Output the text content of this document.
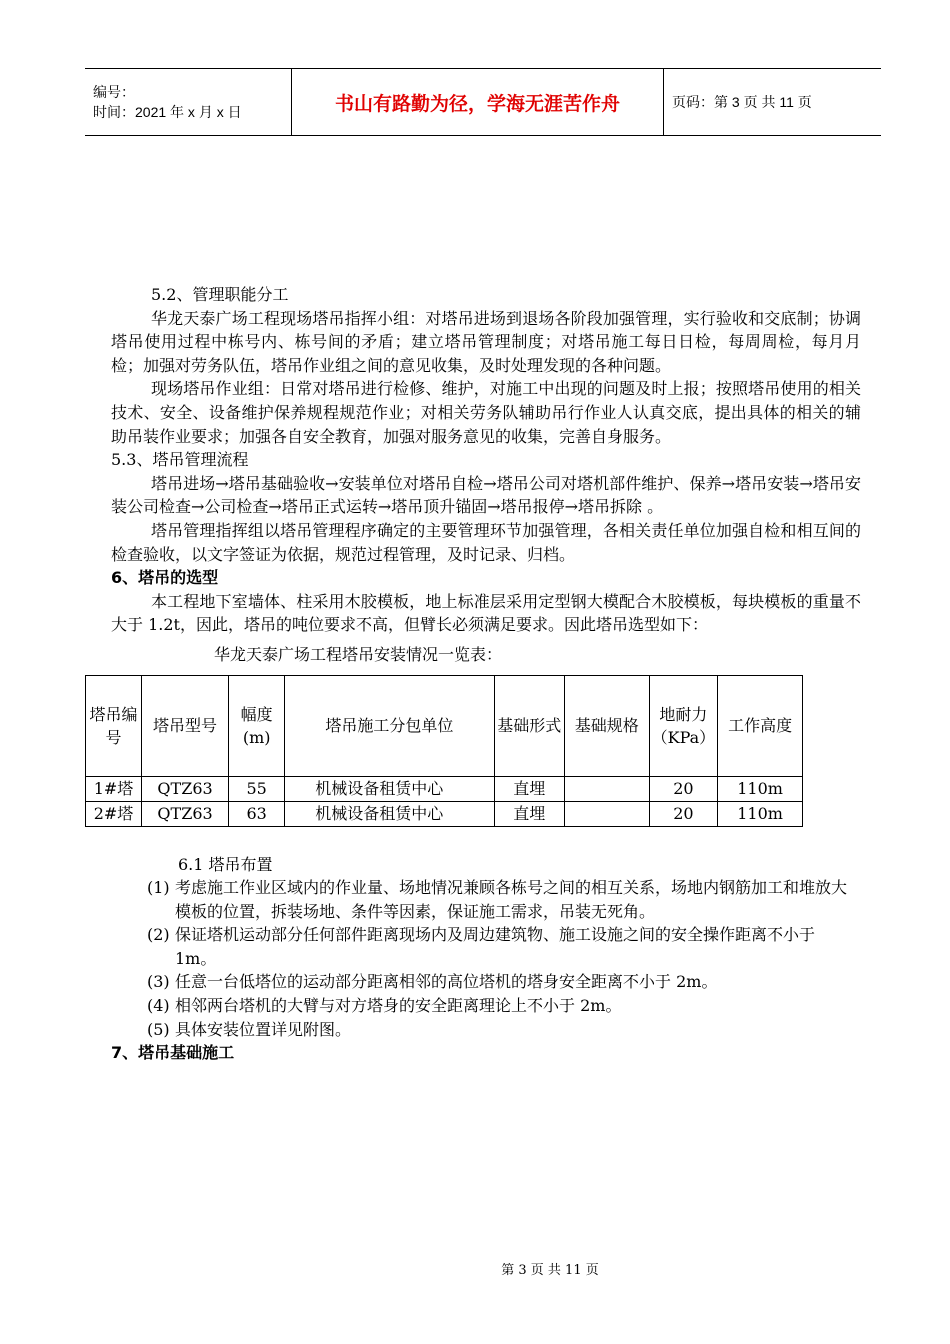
编号：
时间：2021 年 x 月 x 日	书山有路勤为径，学海无涯苦作舟	页码：第 3 页 共 11 页

5.2、管理职能分工

华龙天泰广场工程现场塔吊指挥小组：对塔吊进场到退场各阶段加强管理，实行验收和交底制；协调塔吊使用过程中栋号内、栋号间的矛盾；建立塔吊管理制度；对塔吊施工每日日检，每周周检，每月月检；加强对劳务队伍，塔吊作业组之间的意见收集，及时处理发现的各种问题。

现场塔吊作业组：日常对塔吊进行检修、维护，对施工中出现的问题及时上报；按照塔吊使用的相关技术、安全、设备维护保养规程规范作业；对相关劳务队辅助吊行作业人认真交底，提出具体的相关的辅助吊装作业要求；加强各自安全教育，加强对服务意见的收集，完善自身服务。

5.3、塔吊管理流程

塔吊进场→塔吊基础验收→安装单位对塔吊自检→塔吊公司对塔机部件维护、保养→塔吊安装→塔吊安装公司检查→公司检查→塔吊正式运转→塔吊顶升锚固→塔吊报停→塔吊拆除 。

塔吊管理指挥组以塔吊管理程序确定的主要管理环节加强管理，各相关责任单位加强自检和相互间的检查验收，以文字签证为依据，规范过程管理，及时记录、归档。

6、塔吊的选型

本工程地下室墙体、柱采用木胶模板，地上标准层采用定型钢大模配合木胶模板，每块模板的重量不大于 1.2t，因此，塔吊的吨位要求不高，但臂长必须满足要求。因此塔吊选型如下：

华龙天泰广场工程塔吊安装情况一览表：

塔吊编号	塔吊型号	幅度(m)	塔吊施工分包单位	基础形式	基础规格	地耐力（KPa）	工作高度
1#塔	QTZ63	55	机械设备租赁中心	直埋		20	110m
2#塔	QTZ63	63	机械设备租赁中心	直埋		20	110m

6.1 塔吊布置

(1) 考虑施工作业区域内的作业量、场地情况兼顾各栋号之间的相互关系，场地内钢筋加工和堆放大模板的位置，拆装场地、条件等因素，保证施工需求，吊装无死角。
(2) 保证塔机运动部分任何部件距离现场内及周边建筑物、施工设施之间的安全操作距离不小于 1m。
(3) 任意一台低塔位的运动部分距离相邻的高位塔机的塔身安全距离不小于 2m。
(4) 相邻两台塔机的大臂与对方塔身的安全距离理论上不小于 2m。
(5) 具体安装位置详见附图。

7、塔吊基础施工

第 3 页 共 11 页
